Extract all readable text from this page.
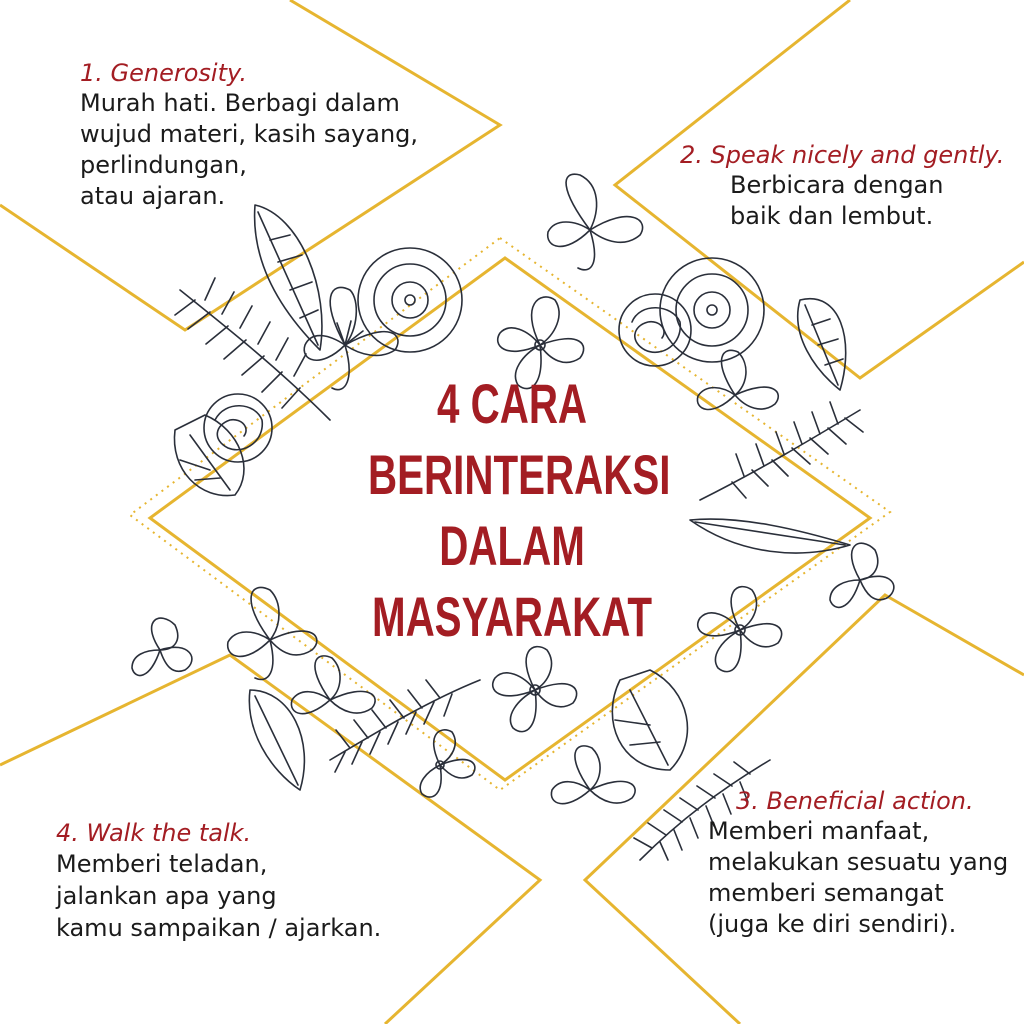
4 CARA
BERINTERAKSI
DALAM
MASYARAKAT
1. Generosity.
Murah hati. Berbagi dalam
wujud materi, kasih sayang,
perlindungan,
atau ajaran.
2. Speak nicely and gently.
Berbicara dengan
baik dan lembut.
3. Beneficial action.
Memberi manfaat,
melakukan sesuatu yang
memberi semangat
(juga ke diri sendiri).
4. Walk the talk.
Memberi teladan,
jalankan apa yang
kamu sampaikan / ajarkan.
